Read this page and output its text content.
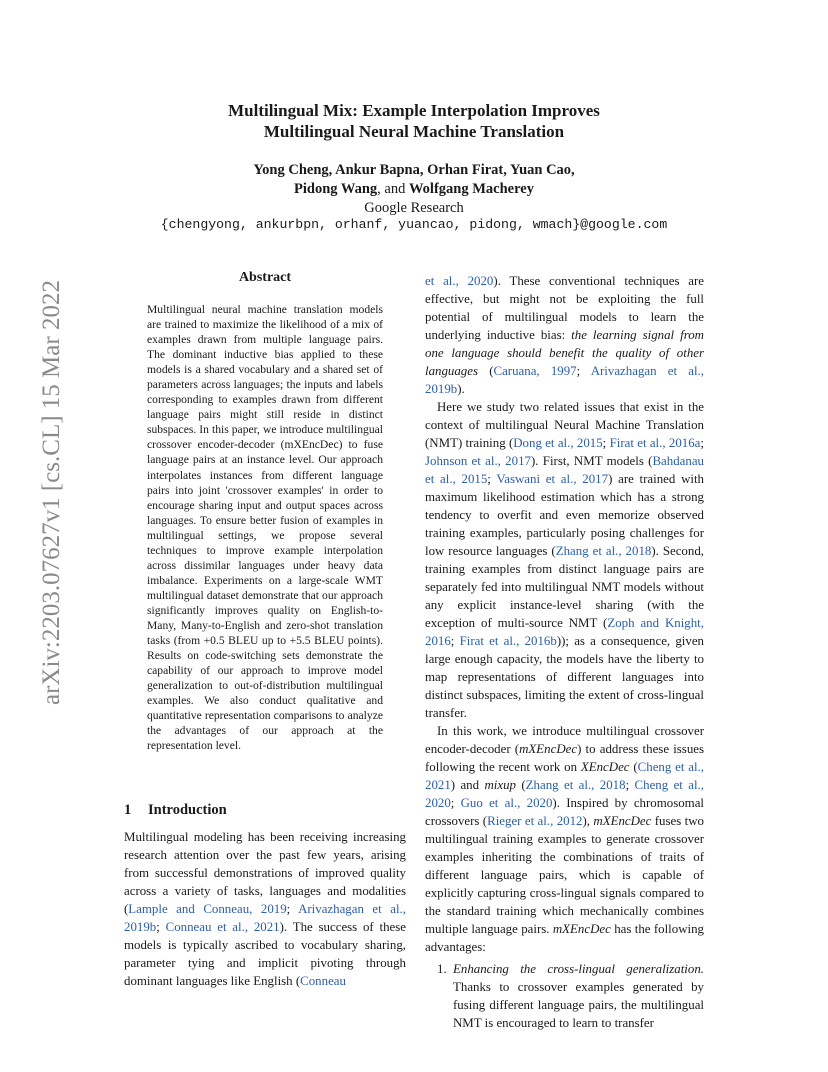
arXiv:2203.07627v1 [cs.CL] 15 Mar 2022
Multilingual Mix: Example Interpolation Improves
Multilingual Neural Machine Translation
Yong Cheng, Ankur Bapna, Orhan Firat, Yuan Cao,
Pidong Wang, and Wolfgang Macherey
Google Research
{chengyong, ankurbpn, orhanf, yuancao, pidong, wmach}@google.com
Abstract
Multilingual neural machine translation models are trained to maximize the likelihood of a mix of examples drawn from multiple language pairs. The dominant inductive bias applied to these models is a shared vocabulary and a shared set of parameters across languages; the inputs and labels corresponding to examples drawn from different language pairs might still reside in distinct subspaces. In this paper, we introduce multilingual crossover encoder-decoder (mXEncDec) to fuse language pairs at an instance level. Our approach interpolates instances from different language pairs into joint 'crossover examples' in order to encourage sharing input and output spaces across languages. To ensure better fusion of examples in multilingual settings, we propose several techniques to improve example interpolation across dissimilar languages under heavy data imbalance. Experiments on a large-scale WMT multilingual dataset demonstrate that our approach significantly improves quality on English-to-Many, Many-to-English and zero-shot translation tasks (from +0.5 BLEU up to +5.5 BLEU points). Results on code-switching sets demonstrate the capability of our approach to improve model generalization to out-of-distribution multilingual examples. We also conduct qualitative and quantitative representation comparisons to analyze the advantages of our approach at the representation level.
1 Introduction

Multilingual modeling has been receiving increasing research attention over the past few years, arising from successful demonstrations of improved quality across a variety of tasks, languages and modalities (Lample and Conneau, 2019; Arivazhagan et al., 2019b; Conneau et al., 2021). The success of these models is typically ascribed to vocabulary sharing, parameter tying and implicit pivoting through dominant languages like English (Conneau

et al., 2020). These conventional techniques are effective, but might not be exploiting the full potential of multilingual models to learn the underlying inductive bias: the learning signal from one language should benefit the quality of other languages (Caruana, 1997; Arivazhagan et al., 2019b).

Here we study two related issues that exist in the context of multilingual Neural Machine Translation (NMT) training (Dong et al., 2015; Firat et al., 2016a; Johnson et al., 2017). First, NMT models (Bahdanau et al., 2015; Vaswani et al., 2017) are trained with maximum likelihood estimation which has a strong tendency to overfit and even memorize observed training examples, particularly posing challenges for low resource languages (Zhang et al., 2018). Second, training examples from distinct language pairs are separately fed into multilingual NMT models without any explicit instance-level sharing (with the exception of multi-source NMT (Zoph and Knight, 2016; Firat et al., 2016b)); as a consequence, given large enough capacity, the models have the liberty to map representations of different languages into distinct subspaces, limiting the extent of cross-lingual transfer.

In this work, we introduce multilingual crossover encoder-decoder (mXEncDec) to address these issues following the recent work on XEncDec (Cheng et al., 2021) and mixup (Zhang et al., 2018; Cheng et al., 2020; Guo et al., 2020). Inspired by chromosomal crossovers (Rieger et al., 2012), mXEncDec fuses two multilingual training examples to generate crossover examples inheriting the combinations of traits of different language pairs, which is capable of explicitly capturing cross-lingual signals compared to the standard training which mechanically combines multiple language pairs. mXEncDec has the following advantages:

1. Enhancing the cross-lingual generalization. Thanks to crossover examples generated by fusing different language pairs, the multilingual NMT is encouraged to learn to transfer
